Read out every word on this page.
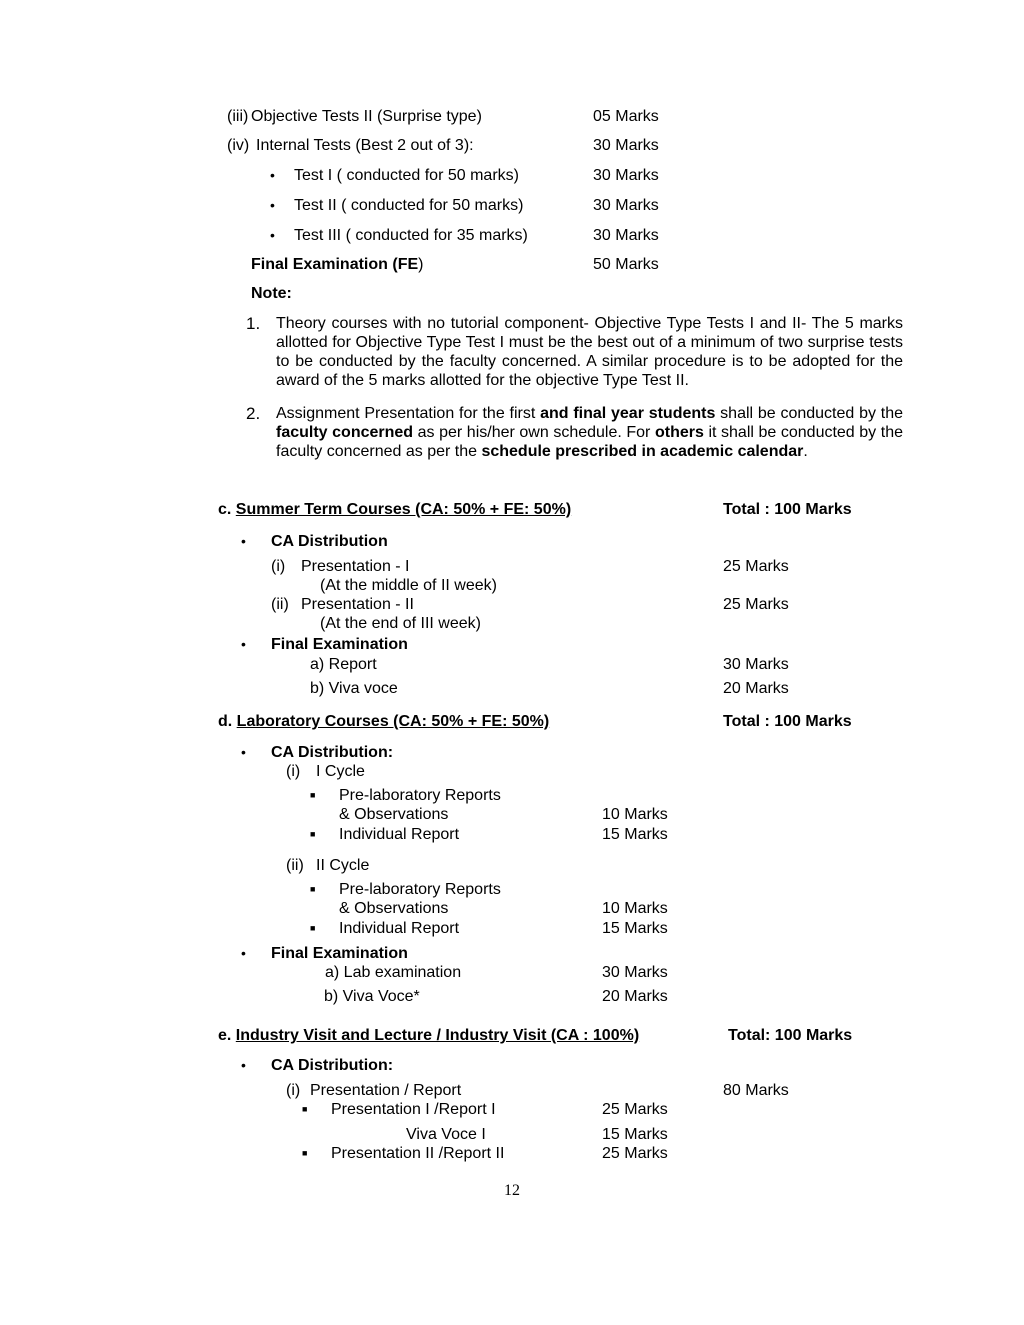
(iii) Objective Tests II (Surprise type)	05 Marks
(iv) Internal Tests (Best 2 out of 3):	30 Marks
• Test I ( conducted for 50 marks)	30 Marks
• Test II ( conducted for 50 marks)	30 Marks
• Test III ( conducted for 35 marks)	30 Marks
Final Examination (FE)	50 Marks
Note:
1. Theory courses with no tutorial component- Objective Type Tests I and II- The 5 marks allotted for Objective Type Test I must be the best out of a minimum of two surprise tests to be conducted by the faculty concerned. A similar procedure is to be adopted for the award of the 5 marks allotted for the objective Type Test II.
2. Assignment Presentation for the first and final year students shall be conducted by the faculty concerned as per his/her own schedule. For others it shall be conducted by the faculty concerned as per the schedule prescribed in academic calendar.
c. Summer Term Courses (CA: 50% + FE: 50%)	Total : 100 Marks
• CA Distribution
(i) Presentation - I	25 Marks
(At the middle of II week)
(ii) Presentation - II	25 Marks
(At the end of III week)
• Final Examination
a) Report	30 Marks
b) Viva voce	20 Marks
d. Laboratory Courses (CA: 50% + FE: 50%)	Total : 100 Marks
• CA Distribution:
(i) I Cycle
■ Pre-laboratory Reports
& Observations	10 Marks
■ Individual Report	15 Marks
(ii) II Cycle
■ Pre-laboratory Reports
& Observations	10 Marks
■ Individual Report	15 Marks
• Final Examination
a) Lab examination	30 Marks
b) Viva Voce*	20 Marks
e. Industry Visit and Lecture / Industry Visit (CA : 100%)	Total: 100 Marks
• CA Distribution:
(i) Presentation / Report	80 Marks
■ Presentation I /Report I	25 Marks
Viva Voce I	15 Marks
■ Presentation II /Report II	25 Marks
12
